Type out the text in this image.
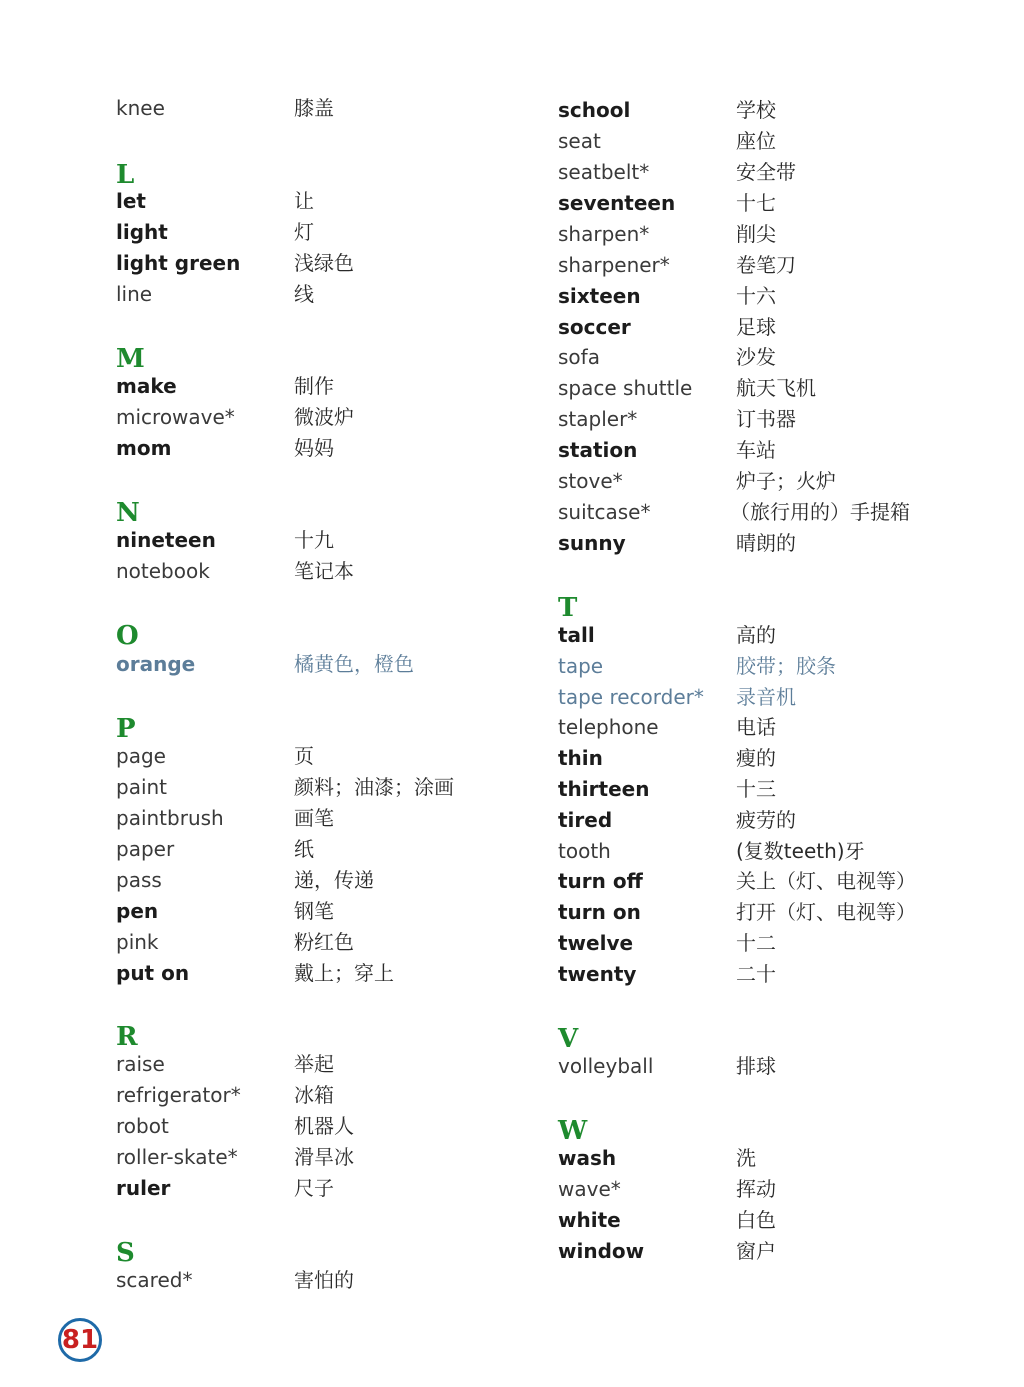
knee	膝盖
L
let	让
light	灯
light green	浅绿色
line	线
M
make	制作
microwave*	微波炉
mom	妈妈
N
nineteen	十九
notebook	笔记本
O
orange	橘黄色，橙色
P
page	页
paint	颜料；油漆；涂画
paintbrush	画笔
paper	纸
pass	递，传递
pen	钢笔
pink	粉红色
put on	戴上；穿上
R
raise	举起
refrigerator*	冰箱
robot	机器人
roller-skate*	滑旱冰
ruler	尺子
S
scared*	害怕的
school	学校
seat	座位
seatbelt*	安全带
seventeen	十七
sharpen*	削尖
sharpener*	卷笔刀
sixteen	十六
soccer	足球
sofa	沙发
space shuttle 航天飞机
stapler*	订书器
station	车站
stove*	炉子；火炉
suitcase*	（旅行用的）手提箱
sunny	晴朗的
T
tall	高的
tape	胶带；胶条
tape recorder* 录音机
telephone	电话
thin	瘦的
thirteen	十三
tired	疲劳的
tooth	(复数teeth)牙
turn off	关上（灯、电视等）
turn on	打开（灯、电视等）
twelve	十二
twenty	二十
V
volleyball	排球
W
wash	洗
wave*	挥动
white	白色
window	窗户
81
